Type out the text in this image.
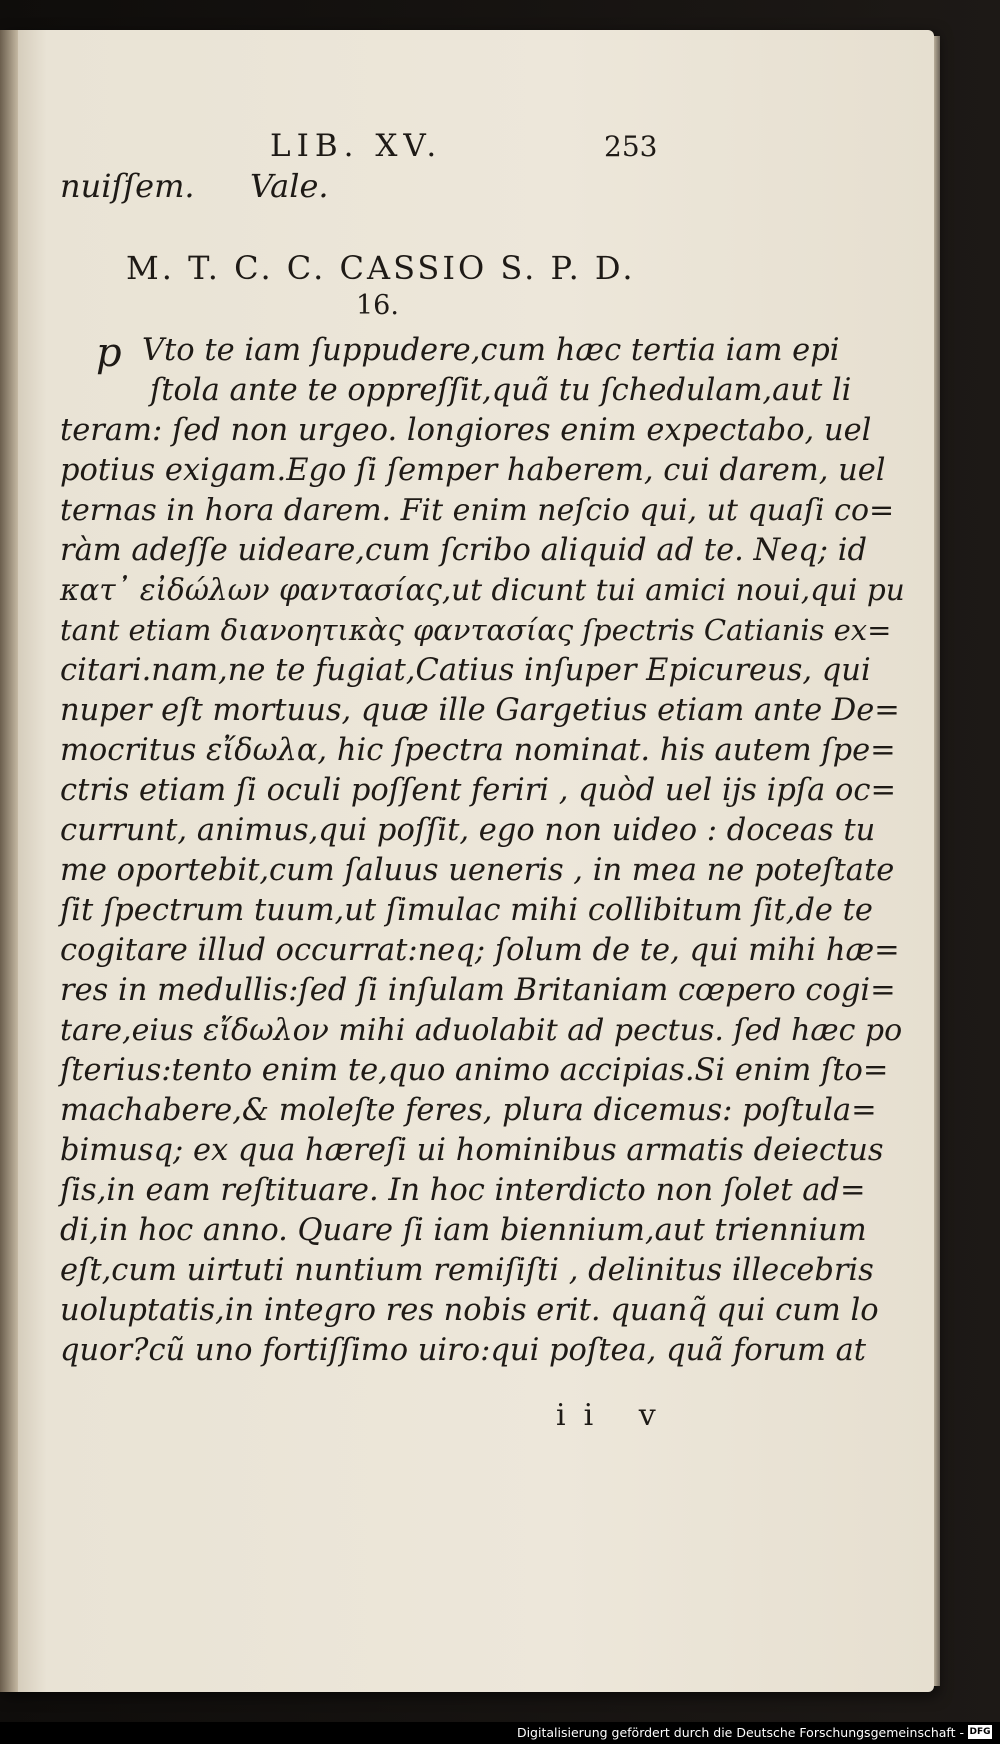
LIB. XV.	253
nuiſſem. Vale.
M. T. C. C. CASSIO S. P. D.
16.
p Vto te iam ſuppudere,cum hæc tertia iam epi
ſtola ante te oppreſſit,quã tu ſchedulam,aut li
teram: ſed non urgeo. longiores enim expectabo, uel
potius exigam.Ego ſi ſemper haberem, cui darem, uel
ternas in hora darem. Fit enim neſcio qui, ut quaſi co=
ràm adeſſe uideare,cum ſcribo aliquid ad te. Neq; id
κατ᾽ εἰδώλων φαντασίας,ut dicunt tui amici noui,qui pu
tant etiam διανοητικὰς φαντασίας ſpectris Catianis ex=
citari.nam,ne te fugiat,Catius inſuper Epicureus, qui
nuper eſt mortuus, quæ ille Gargetius etiam ante De=
mocritus εἴδωλα, hic ſpectra nominat. his autem ſpe=
ctris etiam ſi oculi poſſent feriri , quòd uel ijs ipſa oc=
currunt, animus,qui poſſit, ego non uideo : doceas tu
me oportebit,cum ſaluus ueneris , in mea ne poteſtate
ſit ſpectrum tuum,ut ſimulac mihi collibitum ſit,de te
cogitare illud occurrat:neq; ſolum de te, qui mihi hæ=
res in medullis:ſed ſi inſulam Britaniam cœpero cogi=
tare,eius εἴδωλον mihi aduolabit ad pectus. ſed hæc po
ſterius:tento enim te,quo animo accipias.Si enim ſto=
machabere,& moleſte feres, plura dicemus: poſtula=
bimusq; ex qua hæreſi ui hominibus armatis deiectus
ſis,in eam reſtituare. In hoc interdicto non ſolet ad=
di,in hoc anno. Quare ſi iam biennium,aut triennium
eſt,cum uirtuti nuntium remiſiſti , delinitus illecebris
uoluptatis,in integro res nobis erit. quanq̃ qui cum lo
quor?cũ uno fortiſſimo uiro:qui poſtea, quã forum at
ii v
Digitalisierung gefördert durch die Deutsche Forschungsgemeinschaft - DFG
